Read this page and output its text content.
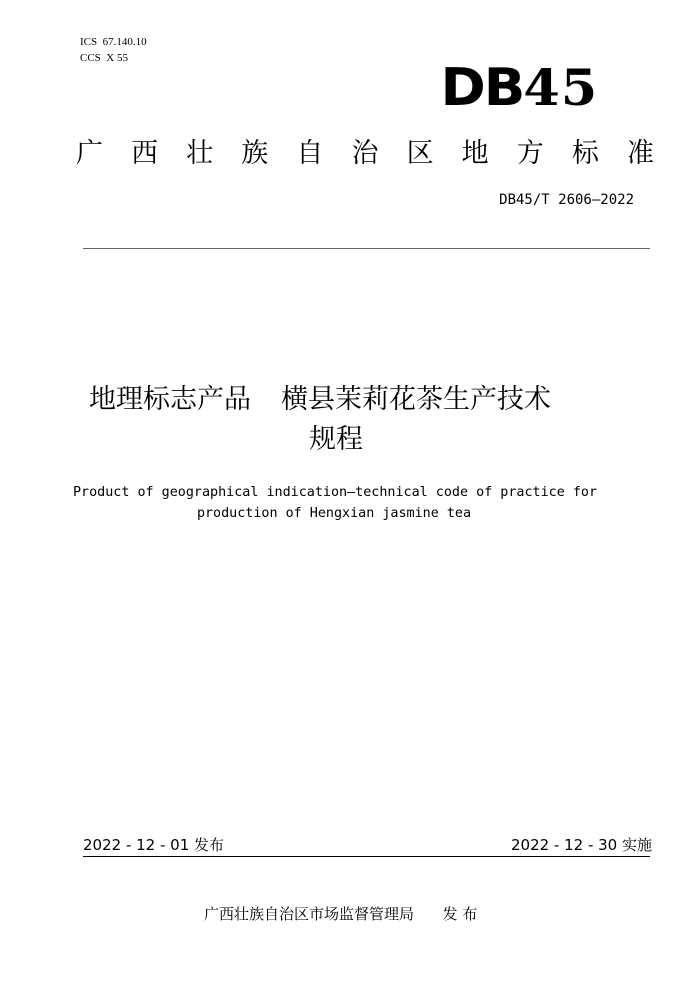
ICS  67.140.10
CCS  X 55	DB45
广 西 壮 族 自 治 区 地 方 标 准
DB45/T 2606—2022
地理标志产品 横县茉莉花茶生产技术
规程
Product of geographical indication—technical code of practice for
production of Hengxian jasmine tea
2022 - 12 - 01 发布	2022 - 12 - 30 实施
广西壮族自治区市场监督管理局 发 布
